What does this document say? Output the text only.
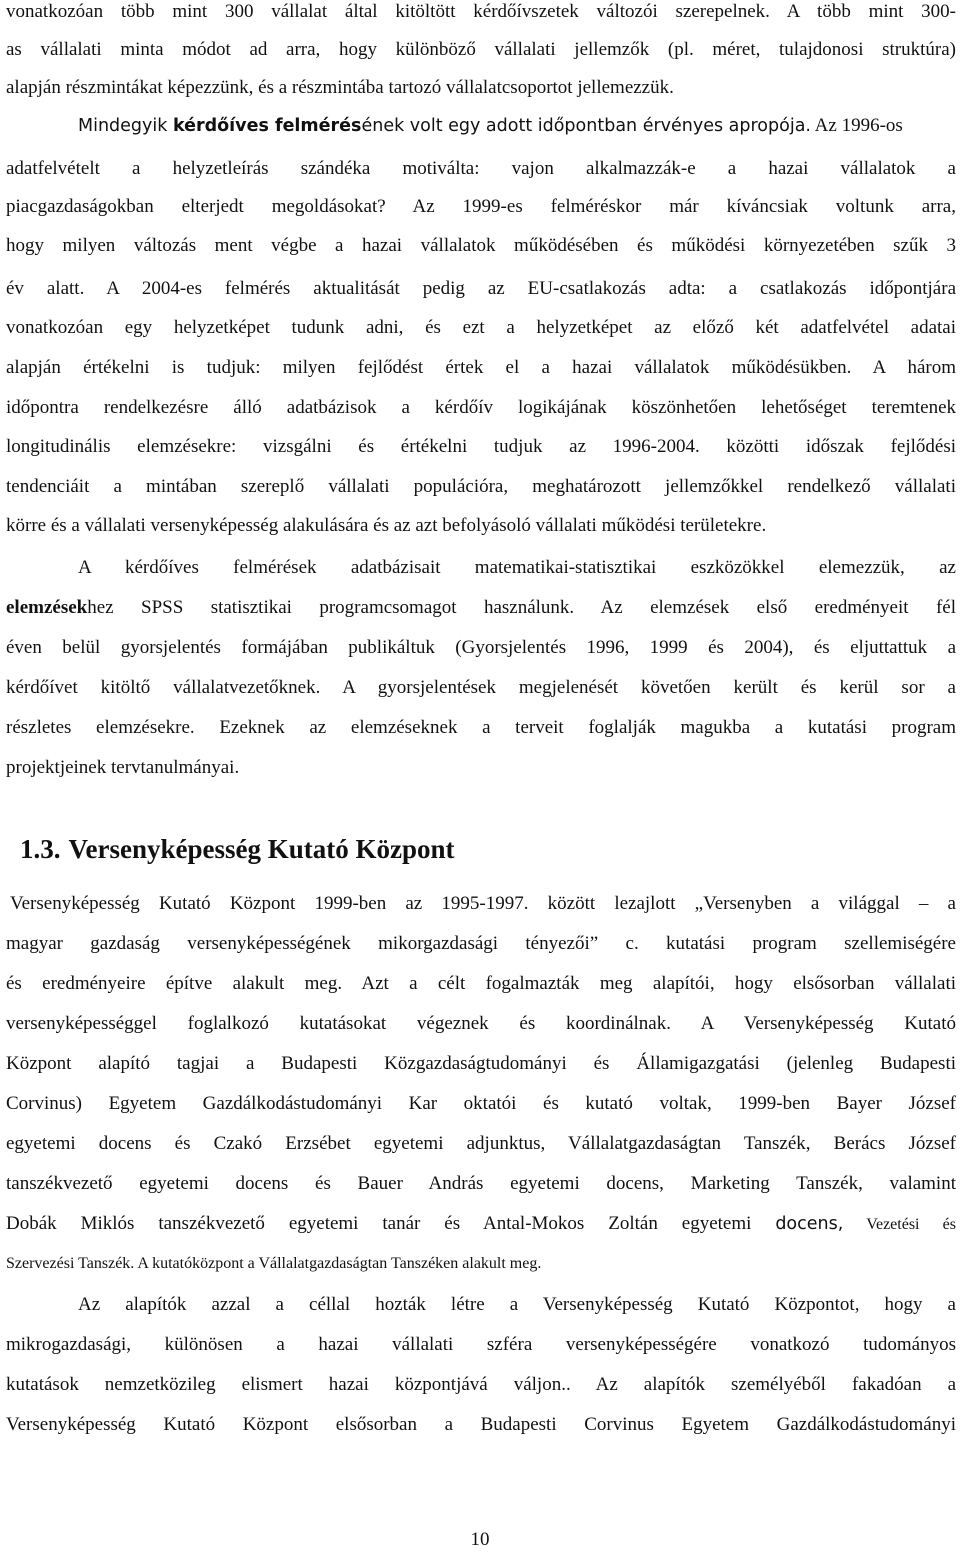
vonatkozóan több mint 300 vállalat által kitöltött kérdőívszetek változói szerepelnek. A több mint 300-

as vállalati minta módot ad arra, hogy különböző vállalati jellemzők (pl. méret, tulajdonosi struktúra)

alapján részmintákat képezzünk, és a részmintába tartozó vállalatcsoportot jellemezzük.

Mindegyik kérdőíves felmérésének volt egy adott időpontban érvényes apropója. Az 1996-os

adatfelvételt a helyzetleírás szándéka motiválta: vajon alkalmazzák-e a hazai vállalatok a

piacgazdaságokban elterjedt megoldásokat? Az 1999-es felméréskor már kíváncsiak voltunk arra,

hogy milyen változás ment végbe a hazai vállalatok működésében és működési környezetében szűk 3

év alatt. A 2004-es felmérés aktualitását pedig az EU-csatlakozás adta: a csatlakozás időpontjára

vonatkozóan egy helyzetképet tudunk adni, és ezt a helyzetképet az előző két adatfelvétel adatai

alapján értékelni is tudjuk: milyen fejlődést értek el a hazai vállalatok működésükben. A három

időpontra rendelkezésre álló adatbázisok a kérdőív logikájának köszönhetően lehetőséget teremtenek

longitudinális elemzésekre: vizsgálni és értékelni tudjuk az 1996-2004. közötti időszak fejlődési

tendenciáit a mintában szereplő vállalati populációra, meghatározott jellemzőkkel rendelkező vállalati

körre és a vállalati versenyképesség alakulására és az azt befolyásoló vállalati működési területekre.

A kérdőíves felmérések adatbázisait matematikai-statisztikai eszközökkel elemezzük, az

elemzésekhez SPSS statisztikai programcsomagot használunk. Az elemzések első eredményeit fél

éven belül gyorsjelentés formájában publikáltuk (Gyorsjelentés 1996, 1999 és 2004), és eljuttattuk a

kérdőívet kitöltő vállalatvezetőknek. A gyorsjelentések megjelenését követően került és kerül sor a

részletes elemzésekre. Ezeknek az elemzéseknek a terveit foglalják magukba a kutatási program

projektjeinek tervtanulmányai.

1.3. Versenyképesség Kutató Központ

Versenyképesség Kutató Központ 1999-ben az 1995-1997. között lezajlott „Versenyben a világgal – a

magyar gazdaság versenyképességének mikorgazdasági tényezői” c. kutatási program szellemiségére

és eredményeire építve alakult meg. Azt a célt fogalmazták meg alapítói, hogy elsősorban vállalati

versenyképességgel foglalkozó kutatásokat végeznek és koordinálnak. A Versenyképesség Kutató

Központ alapító tagjai a Budapesti Közgazdaságtudományi és Államigazgatási (jelenleg Budapesti

Corvinus) Egyetem Gazdálkodástudományi Kar oktatói és kutató voltak, 1999-ben Bayer József

egyetemi docens és Czakó Erzsébet egyetemi adjunktus, Vállalatgazdaságtan Tanszék, Berács József

tanszékvezető egyetemi docens és Bauer András egyetemi docens, Marketing Tanszék, valamint

Dobák Miklós tanszékvezető egyetemi tanár és Antal-Mokos Zoltán egyetemi docens, Vezetési és

Szervezési Tanszék. A kutatóközpont a Vállalatgazdaságtan Tanszéken alakult meg.

Az alapítók azzal a céllal hozták létre a Versenyképesség Kutató Központot, hogy a

mikrogazdasági, különösen a hazai vállalati szféra versenyképességére vonatkozó tudományos

kutatások nemzetközileg elismert hazai központjává váljon.. Az alapítók személyéből fakadóan a

Versenyképesség Kutató Központ elsősorban a Budapesti Corvinus Egyetem Gazdálkodástudományi

10
